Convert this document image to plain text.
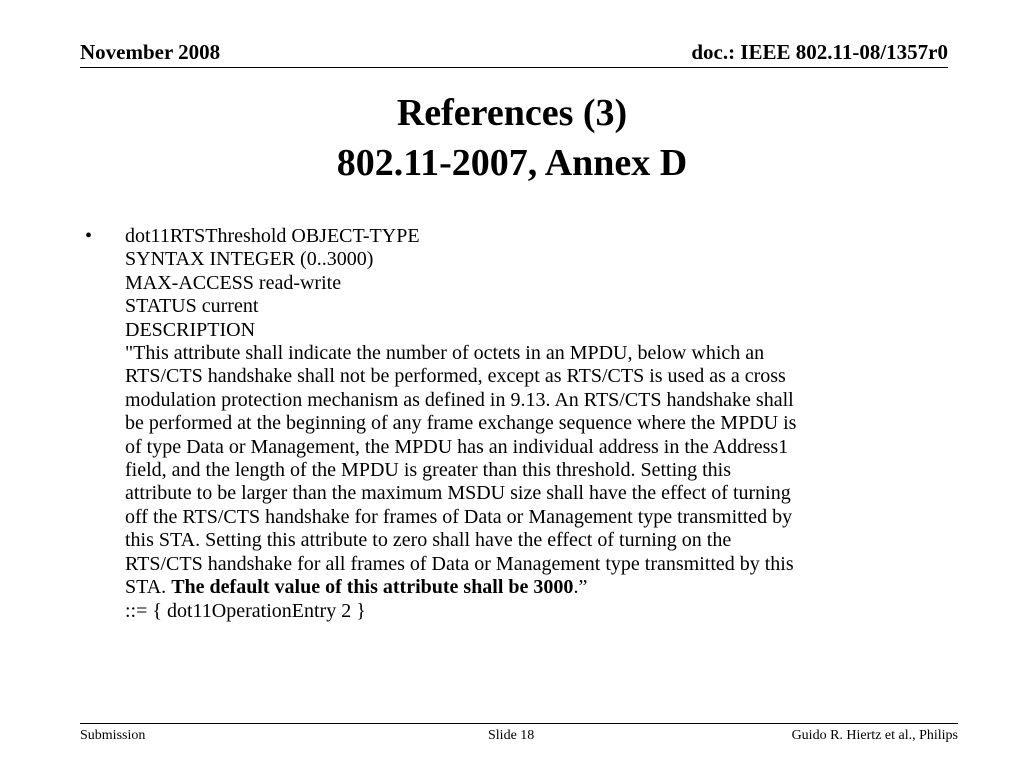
November 2008	doc.: IEEE 802.11-08/1357r0
References (3)
802.11-2007, Annex D
• dot11RTSThreshold OBJECT-TYPE
SYNTAX INTEGER (0..3000)
MAX-ACCESS read-write
STATUS current
DESCRIPTION
"This attribute shall indicate the number of octets in an MPDU, below which an
RTS/CTS handshake shall not be performed, except as RTS/CTS is used as a cross
modulation protection mechanism as defined in 9.13. An RTS/CTS handshake shall
be performed at the beginning of any frame exchange sequence where the MPDU is
of type Data or Management, the MPDU has an individual address in the Address1
field, and the length of the MPDU is greater than this threshold. Setting this
attribute to be larger than the maximum MSDU size shall have the effect of turning
off the RTS/CTS handshake for frames of Data or Management type transmitted by
this STA. Setting this attribute to zero shall have the effect of turning on the
RTS/CTS handshake for all frames of Data or Management type transmitted by this
STA. The default value of this attribute shall be 3000.”
::= { dot11OperationEntry 2 }
Submission	Slide 18	Guido R. Hiertz et al., Philips
